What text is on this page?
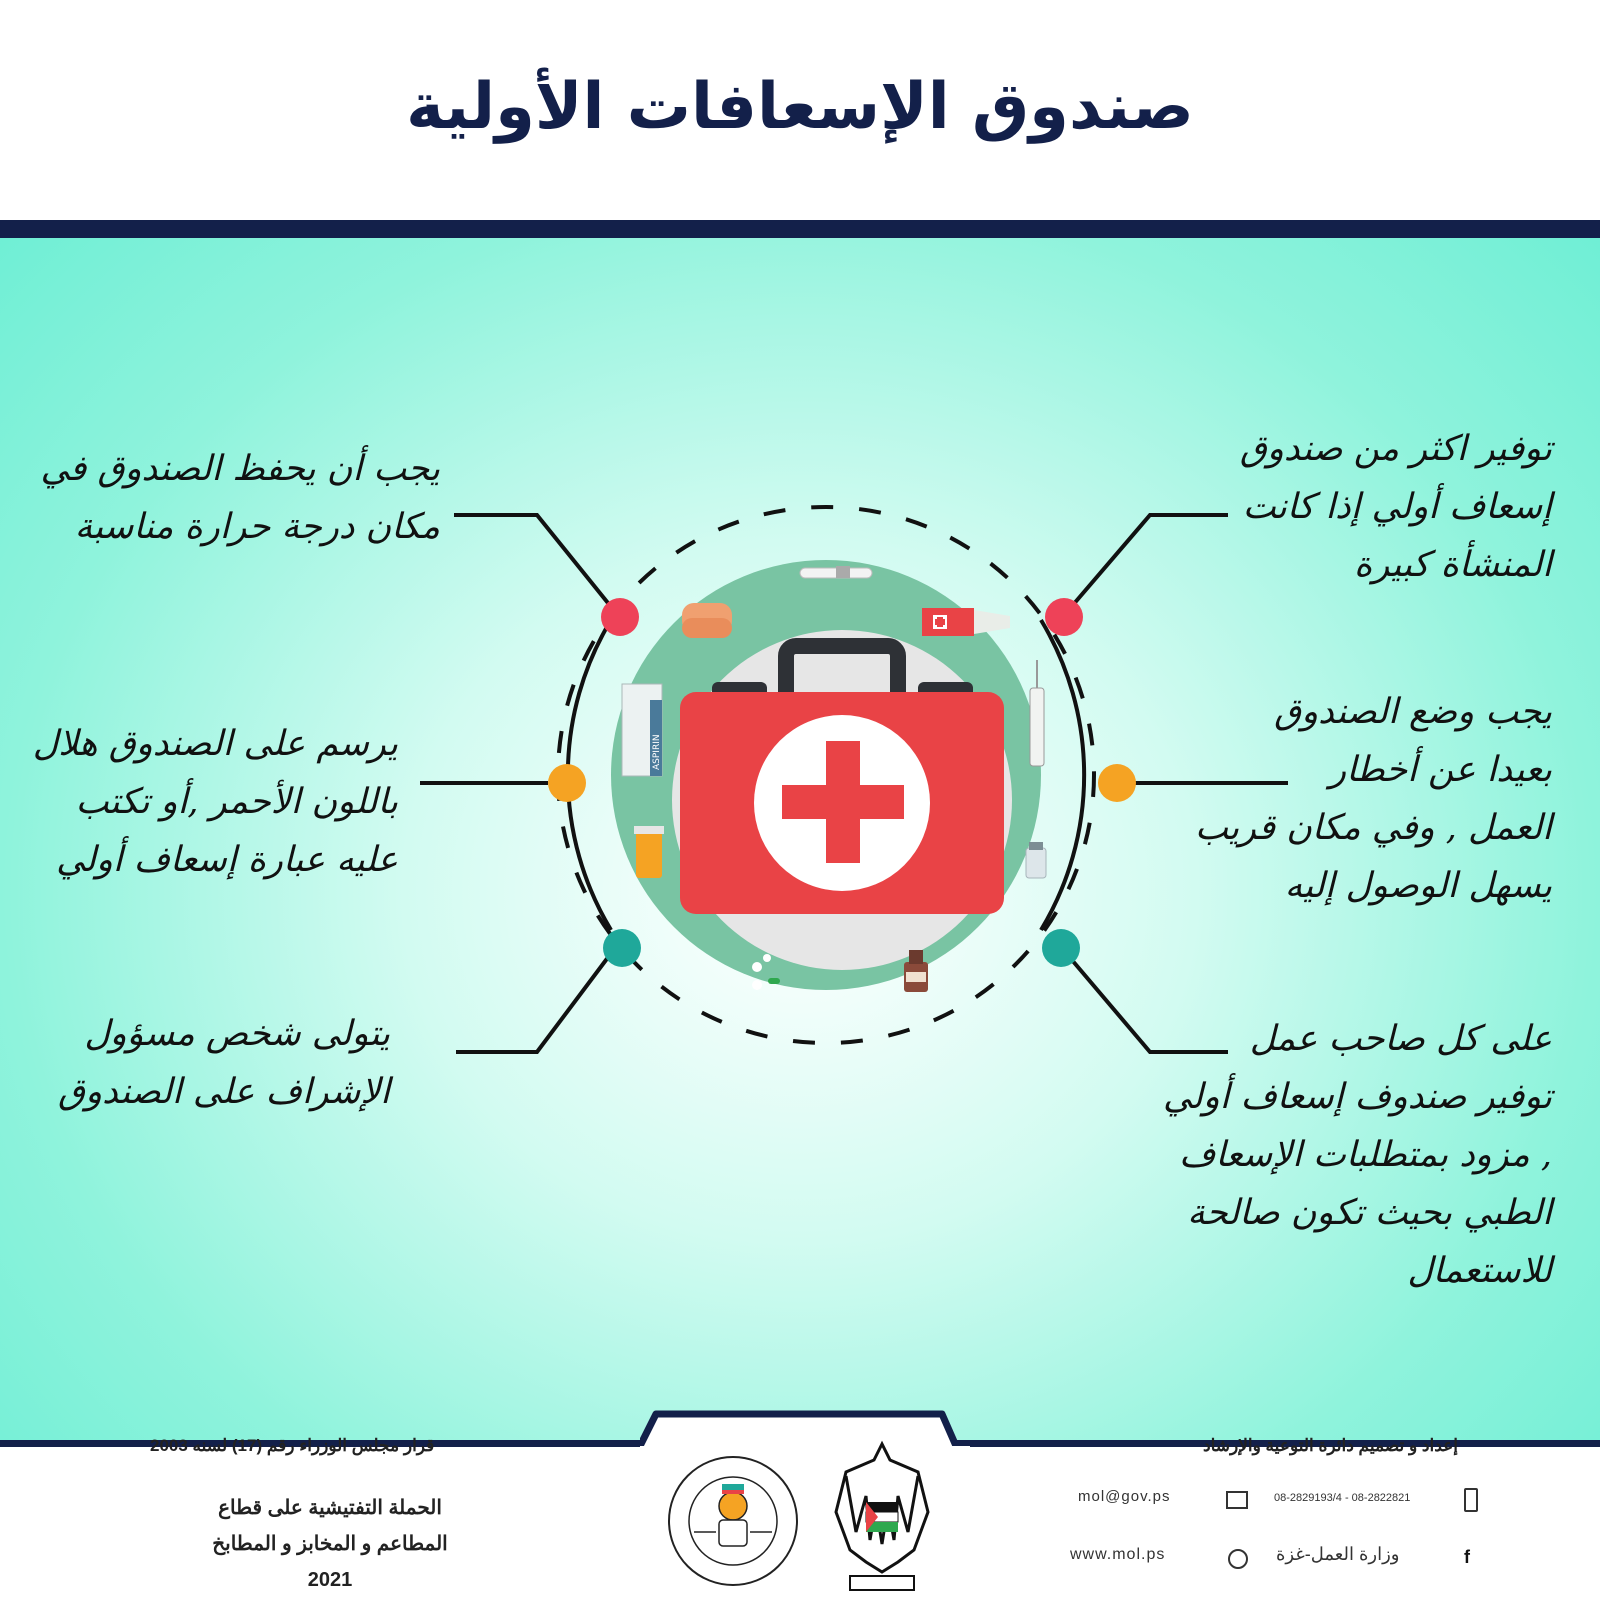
صندوق الإسعافات الأولية
ASPIRIN
توفير اكثر من صندوق
إسعاف أولي إذا كانت
المنشأة كبيرة
يجب وضع الصندوق
بعيدا عن أخطار
العمل , وفي مكان قريب
يسهل الوصول إليه
على كل صاحب عمل
توفير صندوف إسعاف أولي
, مزود بمتطلبات الإسعاف
الطبي بحيث تكون صالحة
للاستعمال
يجب أن يحفظ الصندوق في
مكان درجة حرارة مناسبة
يرسم على الصندوق هلال
باللون الأحمر ,أو تكتب
عليه عبارة إسعاف أولي
يتولى شخص مسؤول
الإشراف على الصندوق
قرار مجلس الوزراء رقم (17) لسنه 2003	إعداد و تصميم دائرة التوعية والإرشاد
الحملة التفتيشية على قطاع
المطاعم و المخابز و المطابخ
2021
mol@gov.ps	08-2829193/4 - 08-2822821
www.mol.ps	وزارة العمل-غزة	f
